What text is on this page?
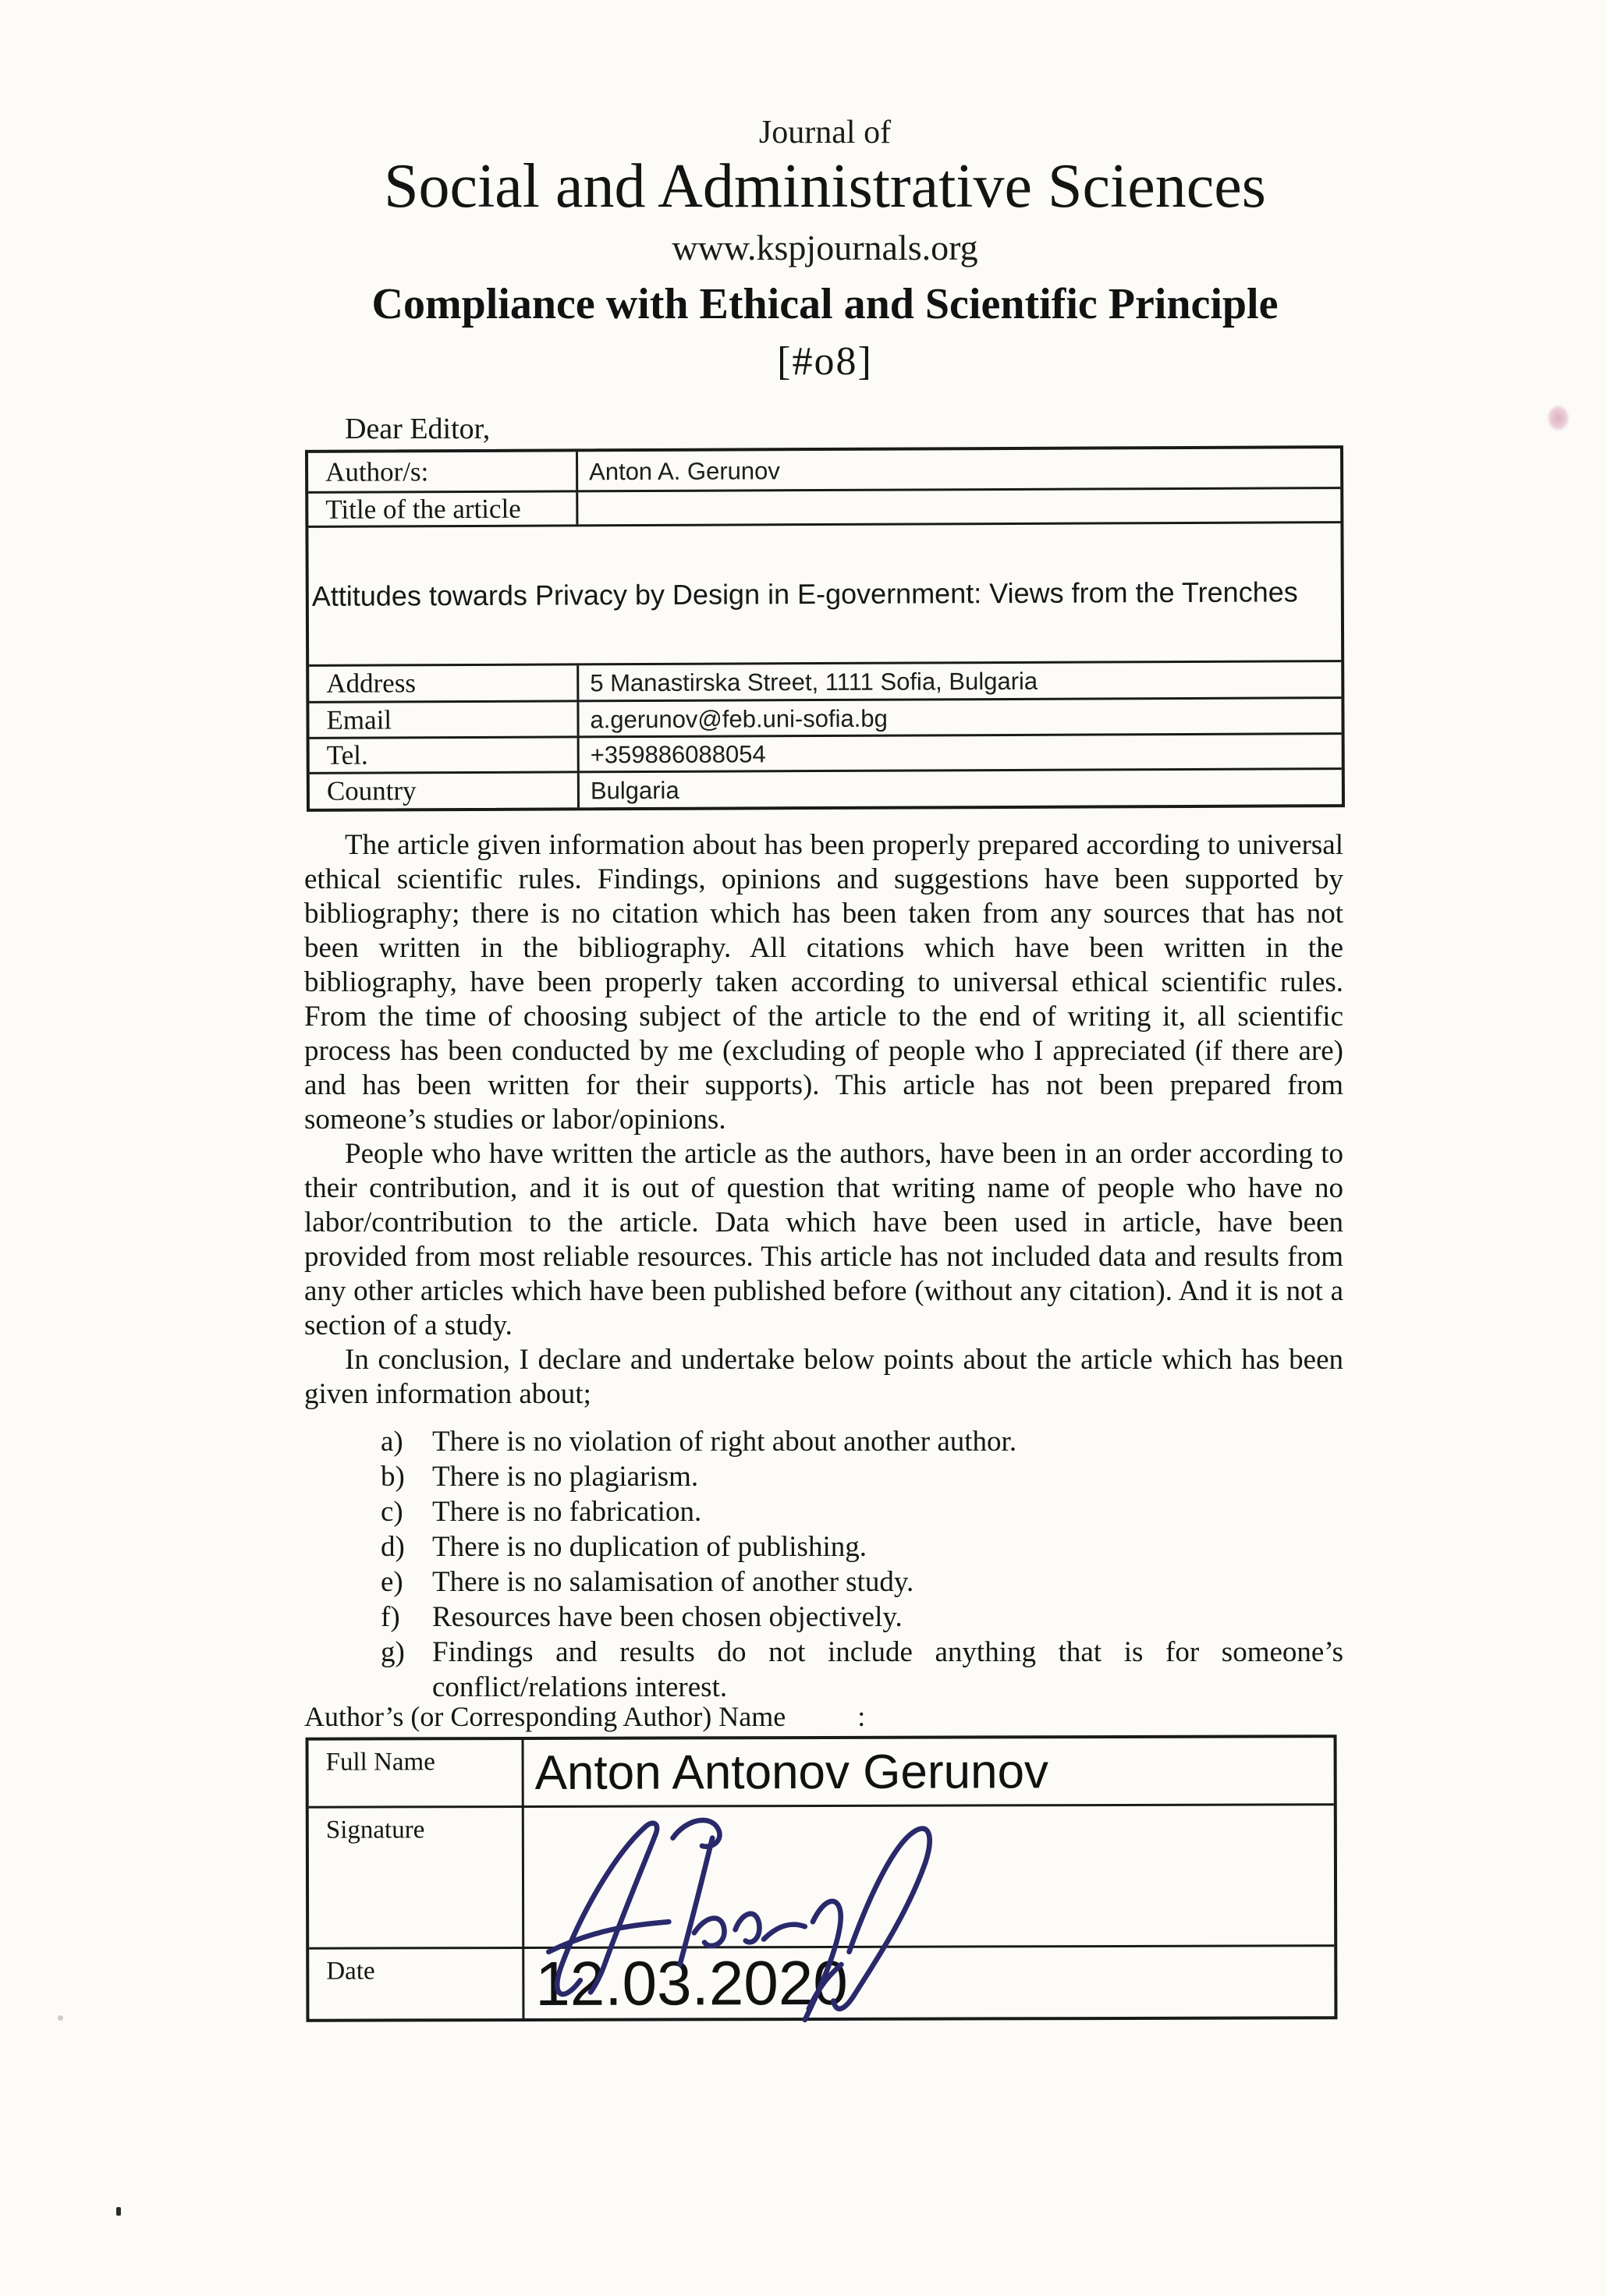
Journal of
Social and Administrative Sciences
www.kspjournals.org
Compliance with Ethical and Scientific Principle
[#o8]
Dear Editor,
Author/s:	Anton A. Gerunov
Title of the article
Attitudes towards Privacy by Design in E-government: Views from the Trenches
Address	5 Manastirska Street, 1111 Sofia, Bulgaria
Email	a.gerunov@feb.uni-sofia.bg
Tel.	+359886088054
Country	Bulgaria

The article given information about has been properly prepared according to universal ethical scientific rules. Findings, opinions and suggestions have been supported by bibliography; there is no citation which has been taken from any sources that has not been written in the bibliography. All citations which have been written in the bibliography, have been properly taken according to universal ethical scientific rules. From the time of choosing subject of the article to the end of writing it, all scientific process has been conducted by me (excluding of people who I appreciated (if there are) and has been written for their supports). This article has not been prepared from someone’s studies or labor/opinions.

People who have written the article as the authors, have been in an order according to their contribution, and it is out of question that writing name of people who have no labor/contribution to the article. Data which have been used in article, have been provided from most reliable resources. This article has not included data and results from any other articles which have been published before (without any citation). And it is not a section of a study.

In conclusion, I declare and undertake below points about the article which has been given information about;

a)	There is no violation of right about another author.
b) There is no plagiarism.
c)	There is no fabrication.
d) There is no duplication of publishing.
e)	There is no salamisation of another study.
f)	Resources have been chosen objectively.
g) Findings and results do not include anything that is for someone’s conflict/relations interest.
Author’s (or Corresponding Author) Name	:
Full Name	Anton Antonov Gerunov
Signature
Date	12.03.2020
